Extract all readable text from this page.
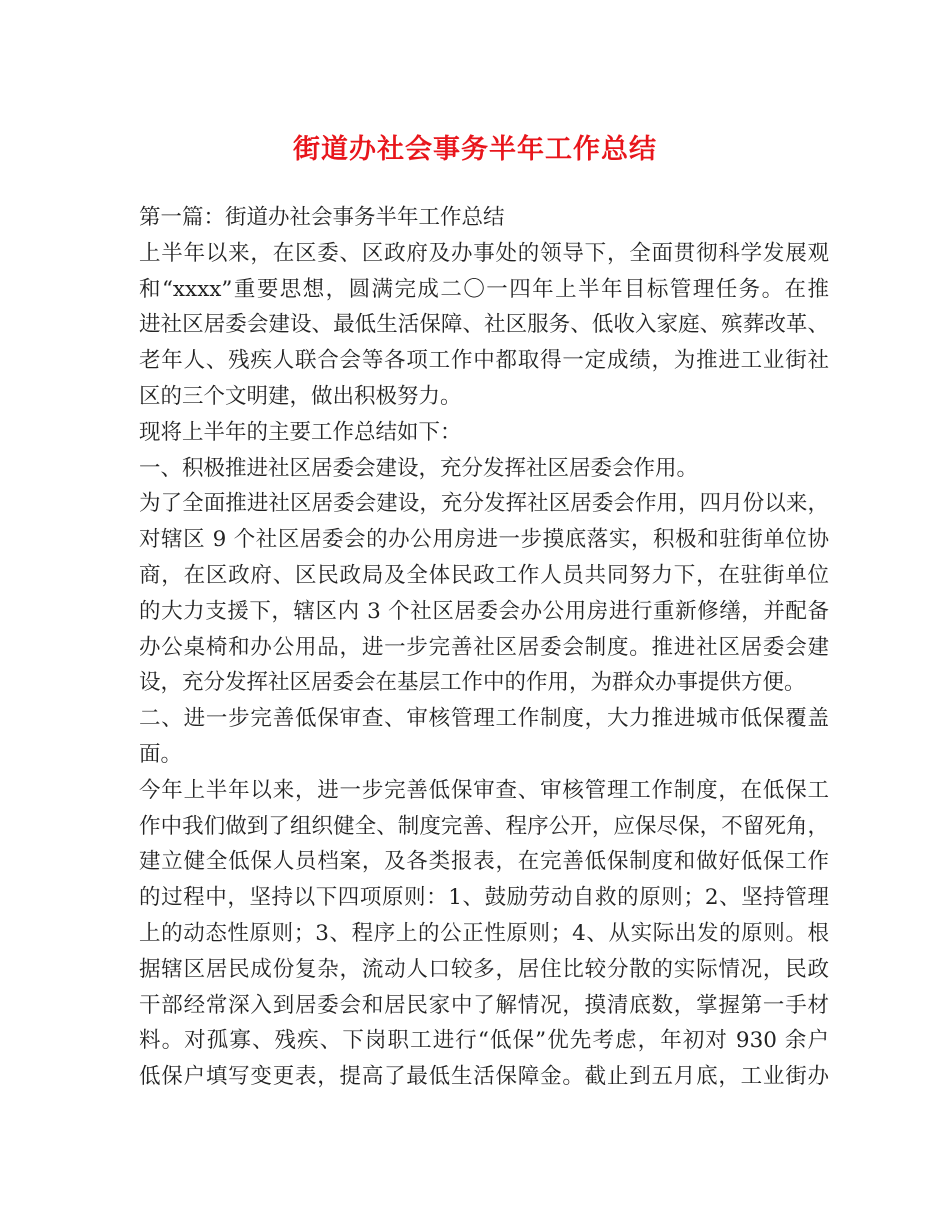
街道办社会事务半年工作总结
第一篇：街道办社会事务半年工作总结
上半年以来，在区委、区政府及办事处的领导下，全面贯彻科学发展观
和“xxxx”重要思想，圆满完成二〇一四年上半年目标管理任务。在推
进社区居委会建设、最低生活保障、社区服务、低收入家庭、殡葬改革、
老年人、残疾人联合会等各项工作中都取得一定成绩，为推进工业街社
区的三个文明建，做出积极努力。
现将上半年的主要工作总结如下：
一、积极推进社区居委会建设，充分发挥社区居委会作用。
为了全面推进社区居委会建设，充分发挥社区居委会作用，四月份以来，
对辖区 9 个社区居委会的办公用房进一步摸底落实，积极和驻街单位协
商，在区政府、区民政局及全体民政工作人员共同努力下，在驻街单位
的大力支援下，辖区内 3 个社区居委会办公用房进行重新修缮，并配备
办公桌椅和办公用品，进一步完善社区居委会制度。推进社区居委会建
设，充分发挥社区居委会在基层工作中的作用，为群众办事提供方便。
二、进一步完善低保审查、审核管理工作制度，大力推进城市低保覆盖
面。
今年上半年以来，进一步完善低保审查、审核管理工作制度，在低保工
作中我们做到了组织健全、制度完善、程序公开，应保尽保，不留死角，
建立健全低保人员档案，及各类报表，在完善低保制度和做好低保工作
的过程中，坚持以下四项原则：1、鼓励劳动自救的原则；2、坚持管理
上的动态性原则；3、程序上的公正性原则；4、从实际出发的原则。根
据辖区居民成份复杂，流动人口较多，居住比较分散的实际情况，民政
干部经常深入到居委会和居民家中了解情况，摸清底数，掌握第一手材
料。对孤寡、残疾、下岗职工进行“低保”优先考虑，年初对 930 余户
低保户填写变更表，提高了最低生活保障金。截止到五月底，工业街办
